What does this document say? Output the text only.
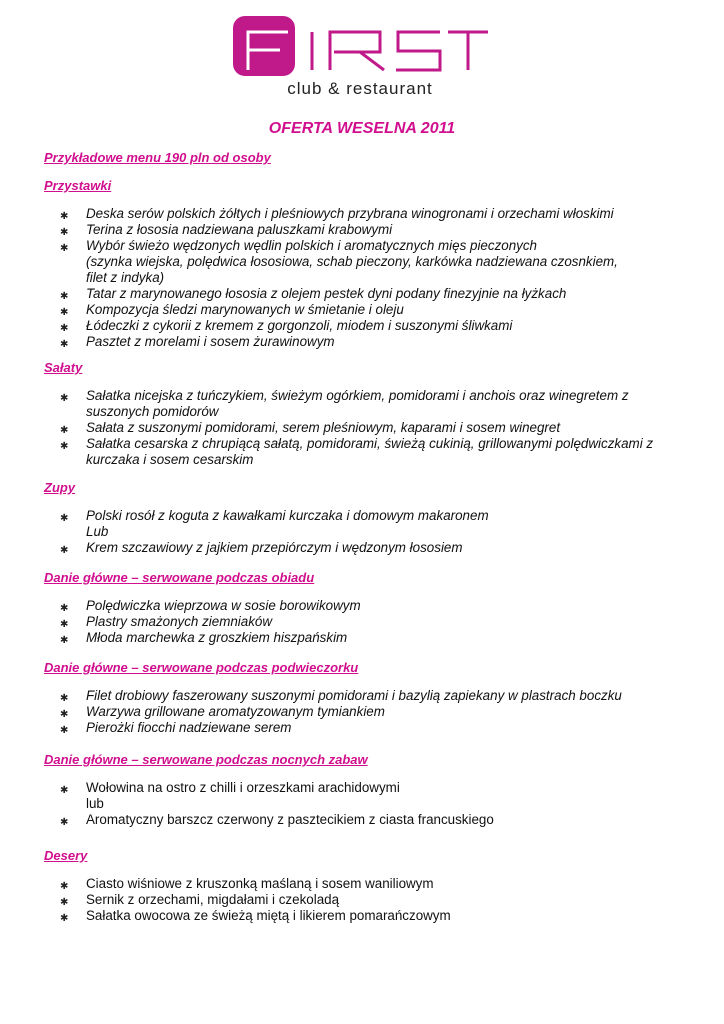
club & restaurant
OFERTA WESELNA 2011
Przykładowe menu 190 pln od osoby
Przystawki
✱	Deska serów polskich żółtych i pleśniowych przybrana winogronami i orzechami włoskimi
✱	Terina z łososia nadziewana paluszkami krabowymi
✱	Wybór świeżo wędzonych wędlin polskich i aromatycznych mięs pieczonych
(szynka wiejska, polędwica łososiowa, schab pieczony, karkówka nadziewana czosnkiem,
filet z indyka)
✱	Tatar z marynowanego łososia z olejem pestek dyni podany finezyjnie na łyżkach
✱	Kompozycja śledzi marynowanych w śmietanie i oleju
✱	Łódeczki z cykorii z kremem z gorgonzoli, miodem i suszonymi śliwkami
✱	Pasztet z morelami i sosem żurawinowym
Sałaty
✱	Sałatka nicejska z tuńczykiem, świeżym ogórkiem, pomidorami i anchois oraz winegretem z
suszonych pomidorów
✱	Sałata z suszonymi pomidorami, serem pleśniowym, kaparami i sosem winegret
✱	Sałatka cesarska z chrupiącą sałatą, pomidorami, świeżą cukinią, grillowanymi polędwiczkami z
kurczaka i sosem cesarskim
Zupy
✱	Polski rosół z koguta z kawałkami kurczaka i domowym makaronem
Lub
✱	Krem szczawiowy z jajkiem przepiórczym i wędzonym łososiem
Danie główne – serwowane podczas obiadu
✱	Polędwiczka wieprzowa w sosie borowikowym
✱	Plastry smażonych ziemniaków
✱	Młoda marchewka z groszkiem hiszpańskim
Danie główne – serwowane podczas podwieczorku
✱	Filet drobiowy faszerowany suszonymi pomidorami i bazylią zapiekany w plastrach boczku
✱	Warzywa grillowane aromatyzowanym tymiankiem
✱	Pierożki fiocchi nadziewane serem
Danie główne – serwowane podczas nocnych zabaw
✱	Wołowina na ostro z chilli i orzeszkami arachidowymi
lub
✱	Aromatyczny barszcz czerwony z pasztecikiem z ciasta francuskiego
Desery
✱	Ciasto wiśniowe z kruszonką maślaną i sosem waniliowym
✱	Sernik z orzechami, migdałami i czekoladą
✱	Sałatka owocowa ze świeżą miętą i likierem pomarańczowym
